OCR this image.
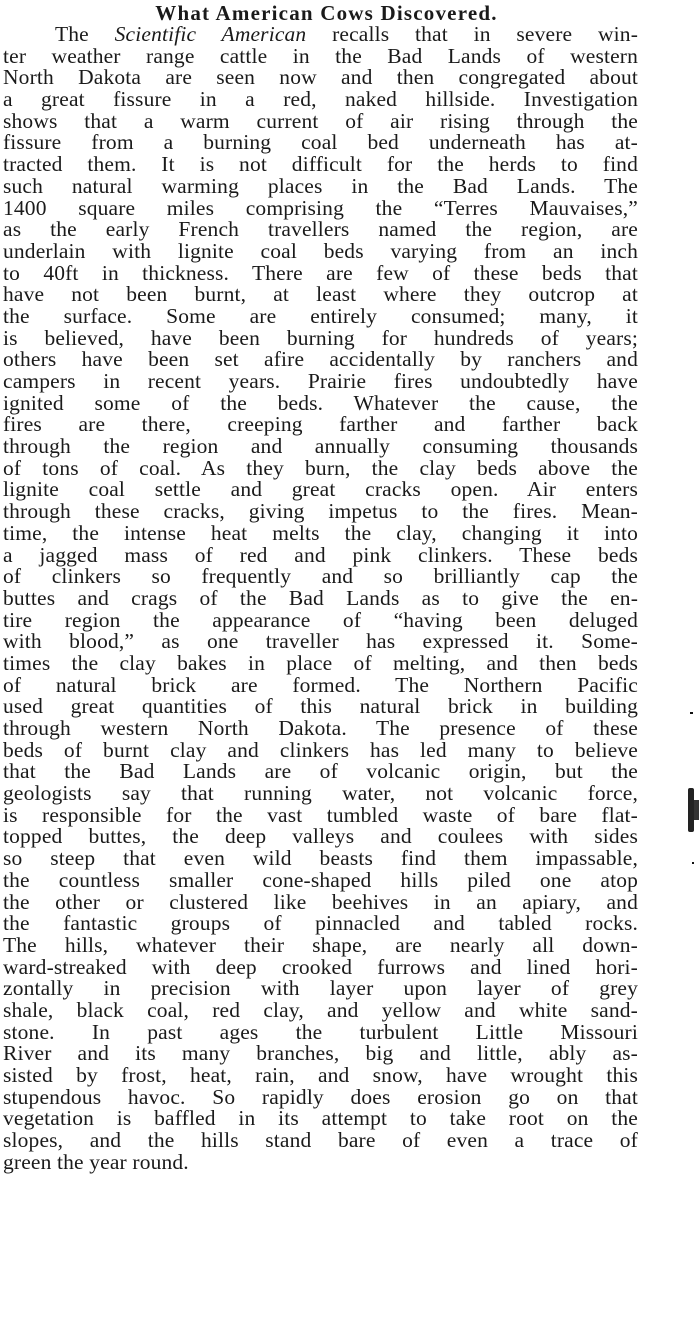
What American Cows Discovered.
The Scientific American recalls that in severe win-
ter weather range cattle in the Bad Lands of western
North Dakota are seen now and then congregated about
a great fissure in a red, naked hillside. Investigation
shows that a warm current of air rising through the
fissure from a burning coal bed underneath has at-
tracted them. It is not difficult for the herds to find
such natural warming places in the Bad Lands. The
1400 square miles comprising the “Terres Mauvaises,”
as the early French travellers named the region, are
underlain with lignite coal beds varying from an inch
to 40ft in thickness. There are few of these beds that
have not been burnt, at least where they outcrop at
the surface. Some are entirely consumed; many, it
is believed, have been burning for hundreds of years;
others have been set afire accidentally by ranchers and
campers in recent years. Prairie fires undoubtedly have
ignited some of the beds. Whatever the cause, the
fires are there, creeping farther and farther back
through the region and annually consuming thousands
of tons of coal. As they burn, the clay beds above the
lignite coal settle and great cracks open. Air enters
through these cracks, giving impetus to the fires. Mean-
time, the intense heat melts the clay, changing it into
a jagged mass of red and pink clinkers. These beds
of clinkers so frequently and so brilliantly cap the
buttes and crags of the Bad Lands as to give the en-
tire region the appearance of “having been deluged
with blood,” as one traveller has expressed it. Some-
times the clay bakes in place of melting, and then beds
of natural brick are formed. The Northern Pacific
used great quantities of this natural brick in building
through western North Dakota. The presence of these
beds of burnt clay and clinkers has led many to believe
that the Bad Lands are of volcanic origin, but the
geologists say that running water, not volcanic force,
is responsible for the vast tumbled waste of bare flat-
topped buttes, the deep valleys and coulees with sides
so steep that even wild beasts find them impassable,
the countless smaller cone-shaped hills piled one atop
the other or clustered like beehives in an apiary, and
the fantastic groups of pinnacled and tabled rocks.
The hills, whatever their shape, are nearly all down-
ward-streaked with deep crooked furrows and lined hori-
zontally in precision with layer upon layer of grey
shale, black coal, red clay, and yellow and white sand-
stone. In past ages the turbulent Little Missouri
River and its many branches, big and little, ably as-
sisted by frost, heat, rain, and snow, have wrought this
stupendous havoc. So rapidly does erosion go on that
vegetation is baffled in its attempt to take root on the
slopes, and the hills stand bare of even a trace of
green the year round.
